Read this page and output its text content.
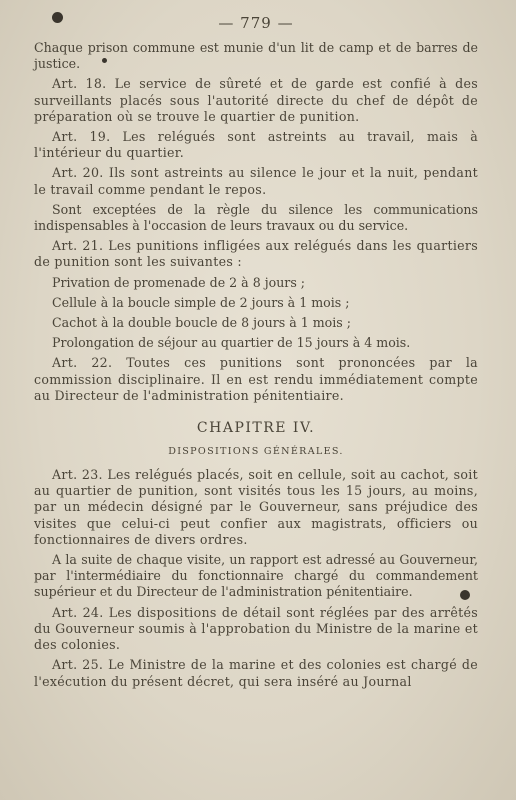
— 779 —

Chaque prison commune est munie d'un lit de camp et de barres de justice.

Art. 18. Le service de sûreté et de garde est confié à des surveillants placés sous l'autorité directe du chef de dépôt de préparation où se trouve le quartier de punition.

Art. 19. Les relégués sont astreints au travail, mais à l'intérieur du quartier.

Art. 20. Ils sont astreints au silence le jour et la nuit, pendant le travail comme pendant le repos.

Sont exceptées de la règle du silence les communications indispensables à l'occasion de leurs travaux ou du service.

Art. 21. Les punitions infligées aux relégués dans les quartiers de punition sont les suivantes :

Privation de promenade de 2 à 8 jours ;

Cellule à la boucle simple de 2 jours à 1 mois ;

Cachot à la double boucle de 8 jours à 1 mois ;

Prolongation de séjour au quartier de 15 jours à 4 mois.

Art. 22. Toutes ces punitions sont prononcées par la commission disciplinaire. Il en est rendu immédiatement compte au Directeur de l'administration pénitentiaire.

CHAPITRE IV.
DISPOSITIONS GÉNÉRALES.

Art. 23. Les relégués placés, soit en cellule, soit au cachot, soit au quartier de punition, sont visités tous les 15 jours, au moins, par un médecin désigné par le Gouverneur, sans préjudice des visites que celui-ci peut confier aux magistrats, officiers ou fonctionnaires de divers ordres.

A la suite de chaque visite, un rapport est adressé au Gouverneur, par l'intermédiaire du fonctionnaire chargé du commandement supérieur et du Directeur de l'administration pénitentiaire.

Art. 24. Les dispositions de détail sont réglées par des arrêtés du Gouverneur soumis à l'approbation du Ministre de la marine et des colonies.

Art. 25. Le Ministre de la marine et des colonies est chargé de l'exécution du présent décret, qui sera inséré au Journal
